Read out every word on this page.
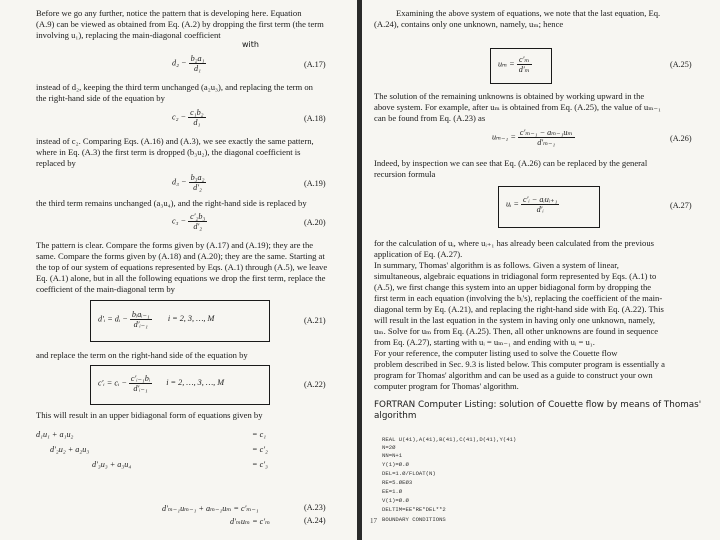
Before we go any further, notice the pattern that is developing here. Equation
(A.9) can be viewed as obtained from Eq. (A.2) by dropping the first term (the term
involving u₁), replacing the main-diagonal coefficient
with
$d_2 - \frac{\text{b₂a₁}}{\text{d₁}}$	(A.17)
instead of d₂, keeping the third term unchanged (a₂u₃), and replacing the term on
the right-hand side of the equation by
$c_2 - \frac{\text{c₁b₂}}{\text{d₁}}$	(A.18)
instead of c₂. Comparing Eqs. (A.16) and (A.3), we see exactly the same pattern,
where in Eq. (A.3) the first term is dropped (b₃u₂), the diagonal coefficient is
replaced by
$d_3 - \frac{\text{b₃a₂}}{\text{d′₂}}$	(A.19)
the third term remains unchanged (a₃u₄), and the right-hand side is replaced by
$c_3 - \frac{\text{c′₂b₃}}{\text{d′₂}}$	(A.20)
The pattern is clear. Compare the forms given by (A.17) and (A.19); they are the
same. Compare the forms given by (A.18) and (A.20); they are the same. Starting at
the top of our system of equations represented by Eqs. (A.1) through (A.5), we leave
Eq. (A.1) alone, but in all the following equations we drop the first term, replace the
coefficient of the main-diagonal term by
d′ᵢ = dᵢ − $\frac{\text{bᵢaᵢ₋₁}}{\text{d′ᵢ₋₁}}$ i = 2, 3, …, M	(A.21)
and replace the term on the right-hand side of the equation by
c′ᵢ = cᵢ − $\frac{\text{c′ᵢ₋₁bᵢ}}{\text{d′ᵢ₋₁}}$ i = 2, …, 3, …, M	(A.22)
This will result in an upper bidiagonal form of equations given by
d₁u₁ + a₁u₂	= c₁
d′₂u₂ + a₂u₃	= c′₂
d′₃u₃ + a₃u₄	= c′₃
d′ₘ₋₁uₘ₋₁ + aₘ₋₁uₘ = c′ₘ₋₁	(A.23)
d′ₘuₘ = c′ₘ	(A.24)
Examining the above system of equations, we note that the last equation, Eq.
(A.24), contains only one unknown, namely, uₘ; hence
$u_m = \frac{\text{c′ₘ}}{\text{d′ₘ}}$	(A.25)
The solution of the remaining unknowns is obtained by working upward in the
above system. For example, after uₘ is obtained from Eq. (A.25), the value of uₘ₋₁
can be found from Eq. (A.23) as
$u_{m-1} = \frac{\text{c′ₘ₋₁ − aₘ₋₁uₘ}}{\text{d′ₘ₋₁}}$	(A.26)
Indeed, by inspection we can see that Eq. (A.26) can be replaced by the general
recursion formula
uᵢ = $\frac{\text{c′ᵢ − aᵢuᵢ₊₁}}{\text{d′ᵢ}}$	(A.27)
for the calculation of uᵢ, where uᵢ₊₁ has already been calculated from the previous
application of Eq. (A.27).
In summary, Thomas' algorithm is as follows. Given a system of linear,
simultaneous, algebraic equations in tridiagonal form represented by Eqs. (A.1) to
(A.5), we first change this system into an upper bidiagonal form by dropping the
first term in each equation (involving the bᵢ's), replacing the coefficient of the main-
diagonal term by Eq. (A.21), and replacing the right-hand side with Eq. (A.22). This
will result in the last equation in the system in having only one unknown, namely,
uₘ. Solve for uₘ from Eq. (A.25). Then, all other unknowns are found in sequence
from Eq. (A.27), starting with uᵢ = uₘ₋₁ and ending with uᵢ = u₁.
For your reference, the computer listing used to solve the Couette flow
problem described in Sec. 9.3 is listed below. This computer program is essentially a
program for Thomas' algorithm and can be used as a guide to construct your own
computer program for Thomas' algorithm.
FORTRAN Computer Listing: solution of Couette flow by means of Thomas'
algorithm
REAL U(41),A(41),B(41),C(41),D(41),Y(41)
N=2Ø
NN=N+1
Y(1)=Ø.Ø
DEL=1.Ø/FLOAT(N)
RE=5.ØEØ3
EE=1.Ø
V(1)=Ø.Ø
DELTIM=EE*RE*DEL**2
17 BOUNDARY CONDITIONS
